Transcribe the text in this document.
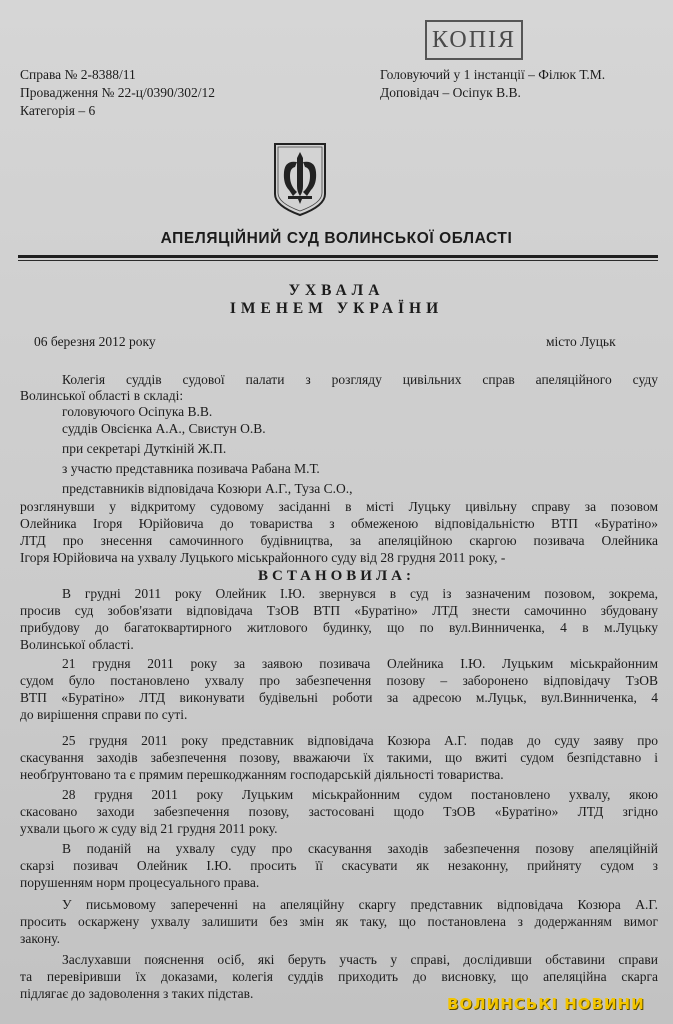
КОПІЯ
Справа № 2-8388/11
Провадження № 22-ц/0390/302/12
Категорія – 6
Головуючий у 1 інстанції – Філюк Т.М.
Доповідач – Осіпук В.В.
АПЕЛЯЦІЙНИЙ СУД ВОЛИНСЬКОЇ ОБЛАСТІ
УХВАЛА
ІМЕНЕМ УКРАЇНИ
06 березня 2012 року	місто Луцьк
Колегія суддів судової палати з розгляду цивільних справ апеляційного суду
Волинської області в складі:
головуючого Осіпука В.В.
суддів Овсієнка А.А., Свистун О.В.
при секретарі Дуткіній Ж.П.
з участю представника позивача Рабана М.Т.
представників відповідача Козюри А.Г., Туза С.О.,
розглянувши у відкритому судовому засіданні в місті Луцьку цивільну справу за позовом
Олейника Ігоря Юрійовича до товариства з обмеженою відповідальністю ВТП «Буратіно»
ЛТД про знесення самочинного будівництва, за апеляційною скаргою позивача Олейника
Ігоря Юрійовича на ухвалу Луцького міськрайонного суду від 28 грудня 2011 року, -
ВСТАНОВИЛА:
В грудні 2011 року Олейник І.Ю. звернувся в суд із зазначеним позовом, зокрема,
просив суд зобов'язати відповідача ТзОВ ВТП «Буратіно» ЛТД знести самочинно збудовану
прибудову до багатоквартирного житлового будинку, що по вул.Винниченка, 4 в м.Луцьку
Волинської області.
21 грудня 2011 року за заявою позивача Олейника І.Ю. Луцьким міськрайонним
судом було постановлено ухвалу про забезпечення позову – заборонено відповідачу ТзОВ
ВТП «Буратіно» ЛТД виконувати будівельні роботи за адресою м.Луцьк, вул.Винниченка, 4
до вирішення справи по суті.
25 грудня 2011 року представник відповідача Козюра А.Г. подав до суду заяву про
скасування заходів забезпечення позову, вважаючи їх такими, що вжиті судом безпідставно і
необґрунтовано та є прямим перешкоджанням господарській діяльності товариства.
28 грудня 2011 року Луцьким міськрайонним судом постановлено ухвалу, якою
скасовано заходи забезпечення позову, застосовані щодо ТзОВ «Буратіно» ЛТД згідно
ухвали цього ж суду від 21 грудня 2011 року.
В поданій на ухвалу суду про скасування заходів забезпечення позову апеляційній
скарзі позивач Олейник І.Ю. просить її скасувати як незаконну, прийняту судом з
порушенням норм процесуального права.
У письмовому запереченні на апеляційну скаргу представник відповідача Козюра А.Г.
просить оскаржену ухвалу залишити без змін як таку, що постановлена з додержанням вимог
закону.
Заслухавши пояснення осіб, які беруть участь у справі, дослідивши обставини справи
та перевіривши їх доказами, колегія суддів приходить до висновку, що апеляційна скарга
підлягає до задоволення з таких підстав.
ВОЛИНСЬКІ НОВИНИ
